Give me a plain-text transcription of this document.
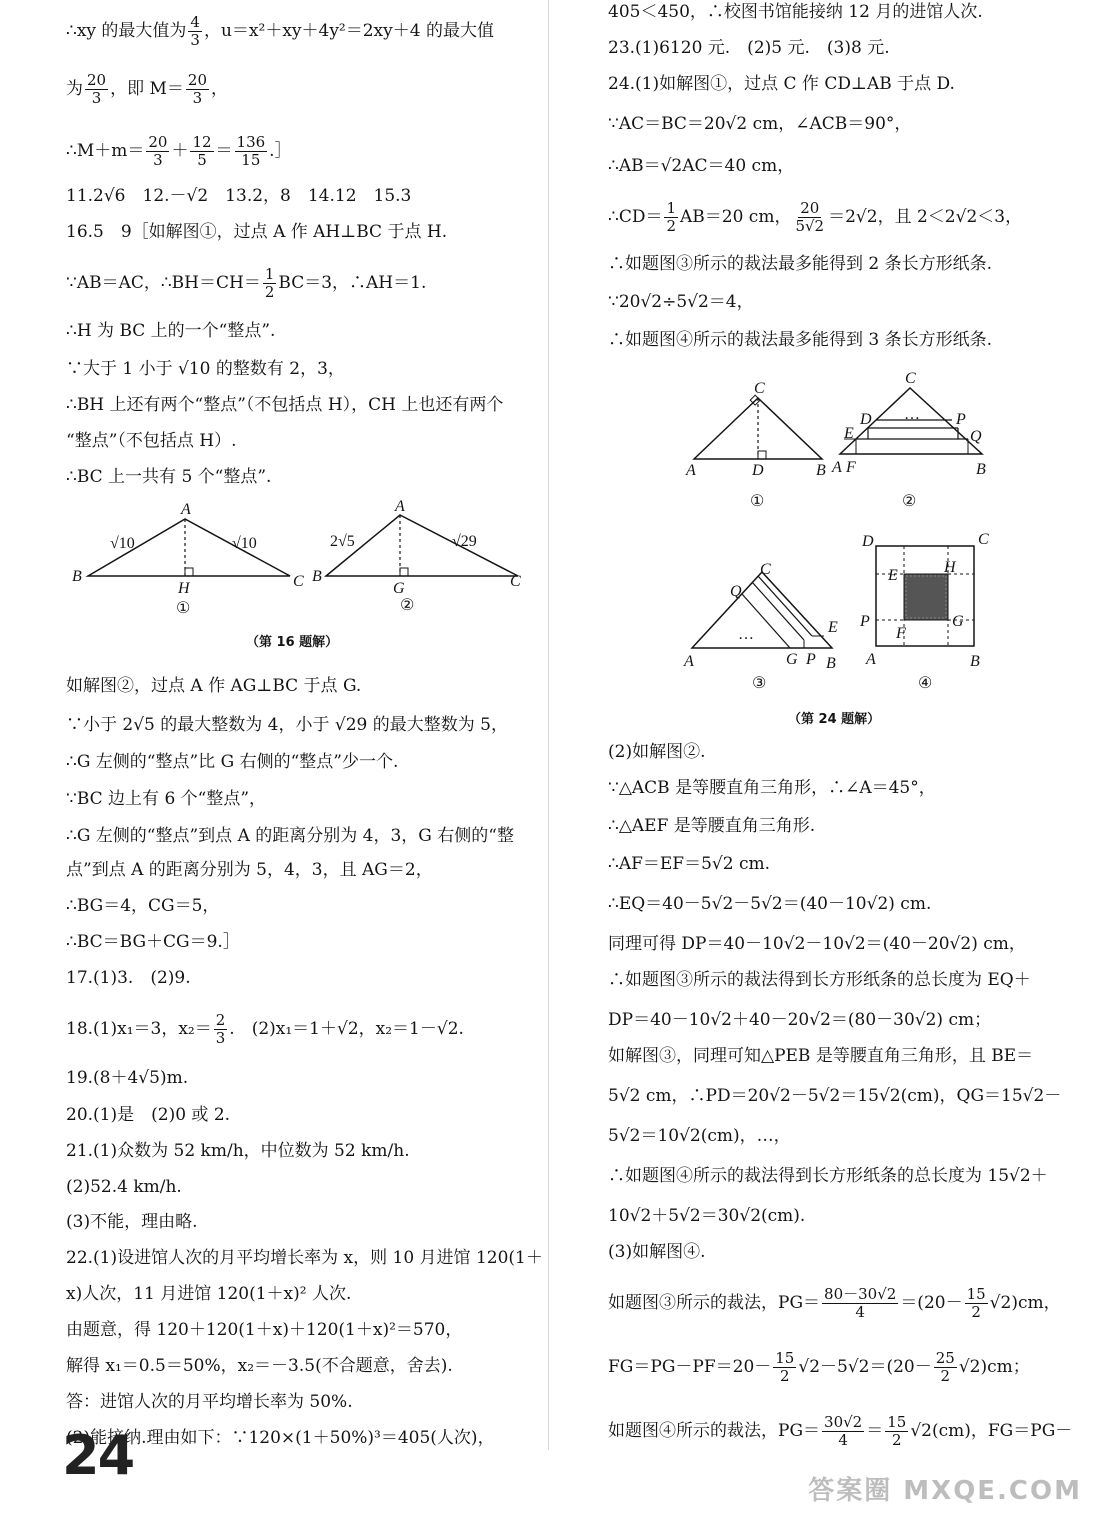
∴xy 的最大值为 $\frac{4}{3}$ ，u＝x²＋xy＋4y²＝2xy＋4 的最大值
为 $\frac{20}{3}$ ，即 $M= \frac{20}{3}$ ，
∴M＋m＝ $\frac{20}{3} + \frac{12}{5} = \frac{136}{15}$ .］
11.2√6　12.－√2　13.2，8　14.12　15.3
16.5　9［如解图①，过点 A 作 AH⊥BC 于点 H.
∵AB＝AC，∴BH＝CH＝ $\frac{1}{2} BC=3$，∴AH＝1.
∴H 为 BC 上的一个“整点”.
∵大于 1 小于 √10 的整数有 2，3，
∴BH 上还有两个“整点”（不包括点 H），CH 上也还有两个
“整点”（不包括点 H）.
∴BC 上一共有 5 个“整点”.
（第 16 题解）
如解图②，过点 A 作 AG⊥BC 于点 G.
∵小于 2√5 的最大整数为 4，小于 √29 的最大整数为 5，
∴G 左侧的“整点”比 G 右侧的“整点”少一个.
∵BC 边上有 6 个“整点”，
∴G 左侧的“整点”到点 A 的距离分别为 4，3，G 右侧的“整
点”到点 A 的距离分别为 5，4，3，且 AG＝2，
∴BG＝4，CG＝5，
∴BC＝BG＋CG＝9.］
17.(1)3.　(2)9.
18.(1)x₁＝3，$x_2= \frac{2}{3}$ .　(2)x₁＝1＋√2，x₂＝1－√2.
19.(8＋4√5)m.
20.(1)是　(2)0 或 2.
21.(1)众数为 52 km/h，中位数为 52 km/h.
(2)52.4 km/h.
(3)不能，理由略.
22.(1)设进馆人次的月平均增长率为 x，则 10 月进馆 120(1＋
x)人次，11 月进馆 120(1＋x)² 人次.
由题意，得 120＋120(1＋x)＋120(1＋x)²＝570，
解得 x₁＝0.5＝50%，x₂＝－3.5(不合题意，舍去).
答：进馆人次的月平均增长率为 50%.
(2)能接纳.理由如下：∵120×(1＋50%)³＝405(人次)，
A
B	C
H
√10	√10
①
A
B	C
G
2√5	√29
②
405＜450，∴校图书馆能接纳 12 月的进馆人次.
23.(1)6120 元.　(2)5 元.　(3)8 元.
24.(1)如解图①，过点 C 作 CD⊥AB 于点 D.
∵AC＝BC＝20√2 cm，∠ACB＝90°，
∴AB＝√2AC＝40 cm，
∴CD＝ $\frac{1}{2} AB=20$ cm， $\frac{20}{5√2} =2√2$，且 2＜2√2＜3，
∴如题图③所示的裁法最多能得到 2 条长方形纸条.
∵20√2÷5√2＝4，
∴如题图④所示的裁法最多能得到 3 条长方形纸条.
（第 24 题解）
(2)如解图②.
∵△ACB 是等腰直角三角形，∴∠A＝45°，
∴△AEF 是等腰直角三角形.
∴AF＝EF＝5√2 cm.
∴EQ＝40－5√2－5√2＝(40－10√2) cm.
同理可得 DP＝40－10√2－10√2＝(40－20√2) cm，
∴如题图③所示的裁法得到长方形纸条的总长度为 EQ＋
DP＝40－10√2＋40－20√2＝(80－30√2) cm；
如解图③，同理可知△PEB 是等腰直角三角形，且 BE＝
5√2 cm，∴PD＝20√2－5√2＝15√2(cm)，QG＝15√2－
5√2＝10√2(cm)，…，
∴如题图④所示的裁法得到长方形纸条的总长度为 15√2＋
10√2＋5√2＝30√2(cm).
(3)如解图④.
如题图③所示的裁法，$PG= \frac{80-30√2}{4} =(20- \frac{15}{2} √2)cm$，
$FG=PG-PF=20- \frac{15}{2} √2-5√2=(20- \frac{25}{2} √2)cm$；
如题图④所示的裁法，$PG= \frac{30√2}{4} = \frac{15}{2} √2(cm)$，FG＝PG－
C
A	B
D
①
…
C
D	P
E	Q
A F	B
②
…
C
Q
A	G P
E
B
③
D	C
E	H
P
F
G
A	B
④
24
答案圈 MXQE.COM
